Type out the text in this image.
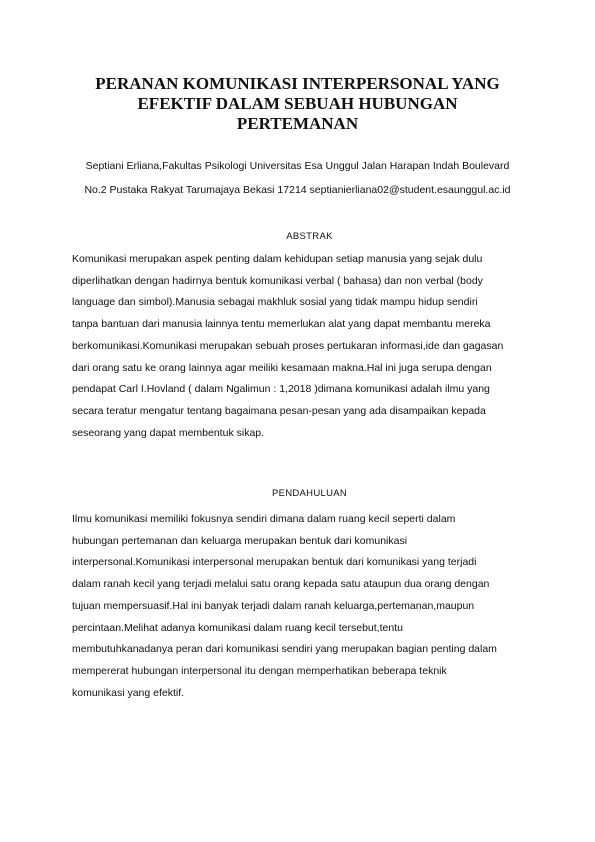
PERANAN KOMUNIKASI INTERPERSONAL YANG
EFEKTIF DALAM SEBUAH HUBUNGAN
PERTEMANAN
Septiani Erliana,Fakultas Psikologi Universitas Esa Unggul Jalan Harapan Indah Boulevard
No.2 Pustaka Rakyat Tarumajaya Bekasi 17214 septianierliana02@student.esaunggul.ac.id
ABSTRAK
Komunikasi merupakan aspek penting dalam kehidupan setiap manusia yang sejak dulu
diperlihatkan dengan hadirnya bentuk komunikasi verbal ( bahasa) dan non verbal (body
language dan simbol).Manusia sebagai makhluk sosial yang tidak mampu hidup sendiri
tanpa bantuan dari manusia lainnya tentu memerlukan alat yang dapat membantu mereka
berkomunikasi.Komunikasi merupakan sebuah proses pertukaran informasi,ide dan gagasan
dari orang satu ke orang lainnya agar meiliki kesamaan makna.Hal ini juga serupa dengan
pendapat Carl I.Hovland ( dalam Ngalimun : 1,2018 )dimana komunikasi adalah ilmu yang
secara teratur mengatur tentang bagaimana pesan-pesan yang ada disampaikan kepada
seseorang yang dapat membentuk sikap.
PENDAHULUAN
Ilmu komunikasi memiliki fokusnya sendiri dimana dalam ruang kecil seperti dalam
hubungan pertemanan dan keluarga merupakan bentuk dari komunikasi
interpersonal.Komunikasi interpersonal merupakan bentuk dari komunikasi yang terjadi
dalam ranah kecil yang terjadi melalui satu orang kepada satu ataupun dua orang dengan
tujuan mempersuasif.Hal ini banyak terjadi dalam ranah keluarga,pertemanan,maupun
percintaan.Melihat adanya komunikasi dalam ruang kecil tersebut,tentu
membutuhkanadanya peran dari komunikasi sendiri yang merupakan bagian penting dalam
mempererat hubungan interpersonal itu dengan memperhatikan beberapa teknik
komunikasi yang efektif.
